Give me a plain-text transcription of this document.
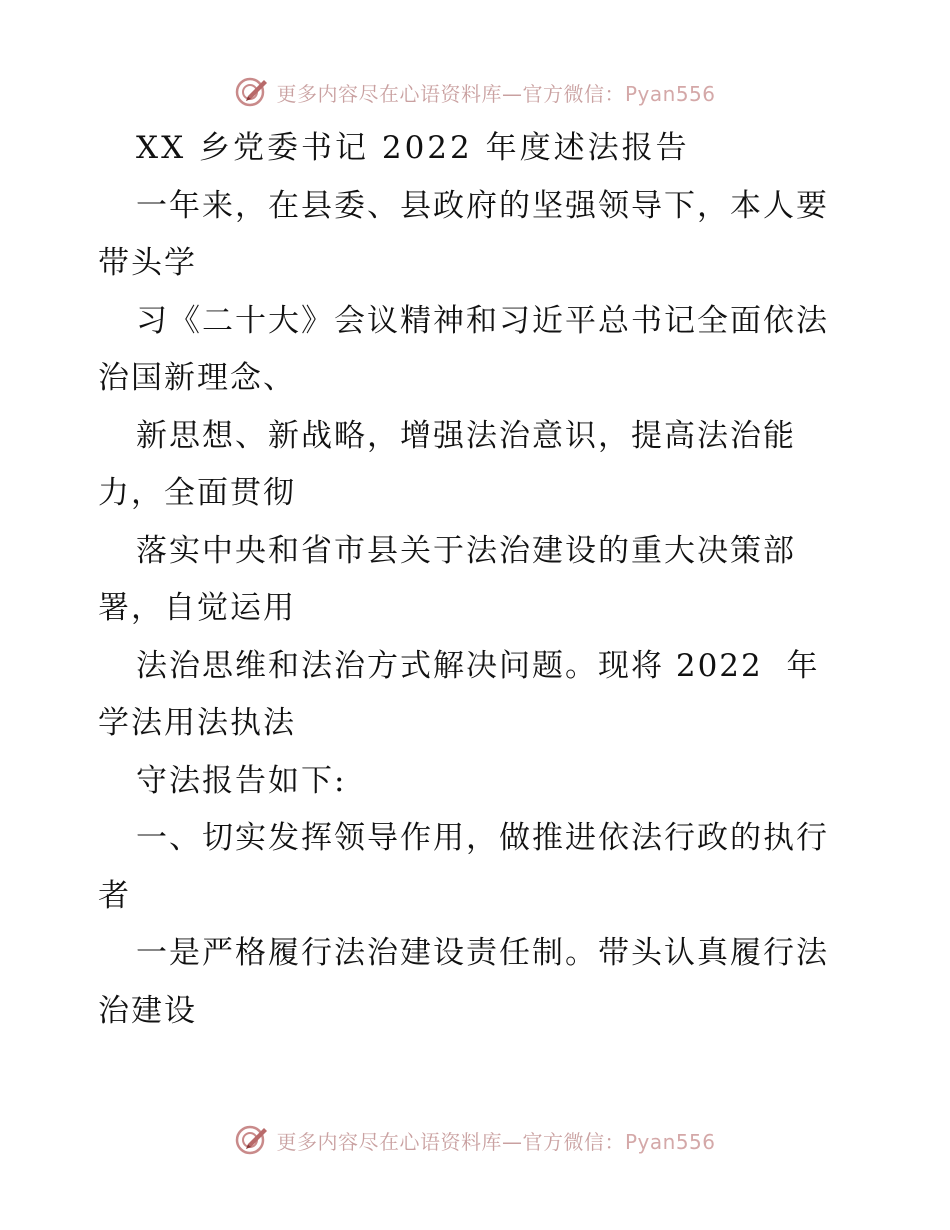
更多内容尽在心语资料库—官方微信：Pyan556
XX 乡党委书记 2022 年度述法报告
一年来，在县委、县政府的坚强领导下，本人要
带头学
习《二十大》会议精神和习近平总书记全面依法
治国新理念、
新思想、新战略，增强法治意识，提高法治能
力，全面贯彻
落实中央和省市县关于法治建设的重大决策部
署，自觉运用
法治思维和法治方式解决问题。现将 2022  年
学法用法执法
守法报告如下:
一、切实发挥领导作用，做推进依法行政的执行
者
一是严格履行法治建设责任制。带头认真履行法
治建设
更多内容尽在心语资料库—官方微信：Pyan556
